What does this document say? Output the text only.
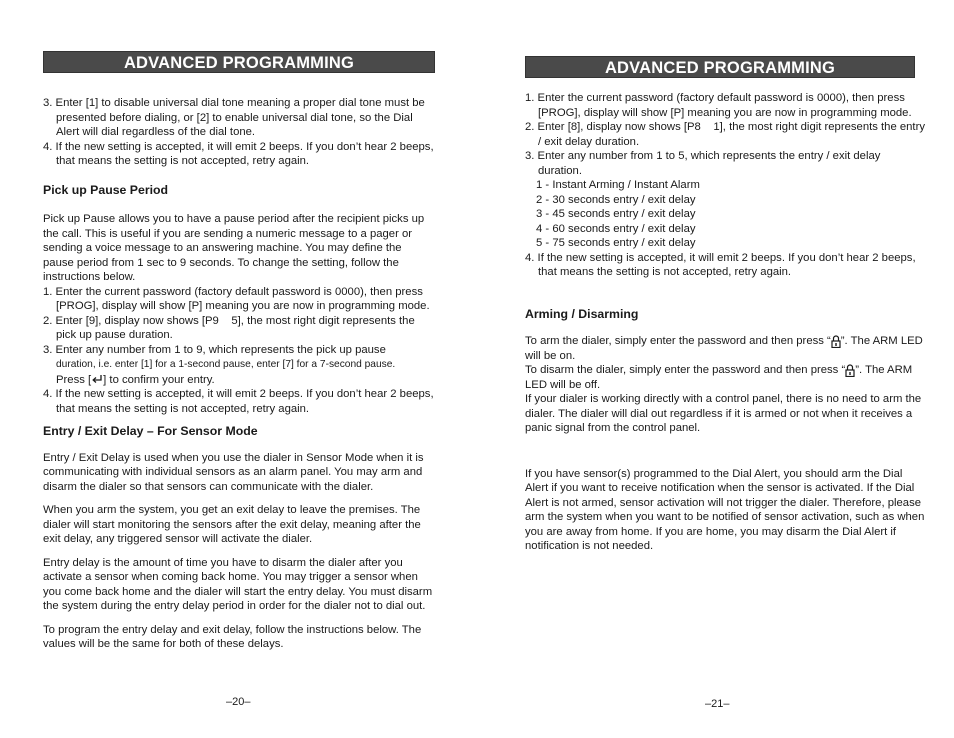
ADVANCED PROGRAMMING

3. Enter [1] to disable universal dial tone meaning a proper dial tone must be presented before dialing, or [2] to enable universal dial tone, so the Dial Alert will dial regardless of the dial tone.

4. If the new setting is accepted, it will emit 2 beeps. If you don’t hear 2 beeps, that means the setting is not accepted, retry again.

Pick up Pause Period

Pick up Pause allows you to have a pause period after the recipient picks up the call. This is useful if you are sending a numeric message to a pager or sending a voice message to an answering machine. You may define the pause period from 1 sec to 9 seconds. To change the setting, follow the instructions below.

1. Enter the current password (factory default password is 0000), then press [PROG], display will show [P] meaning you are now in programming mode.

2. Enter [9], display now shows [P9    5], the most right digit represents the pick up pause duration.

3. Enter any number from 1 to 9, which represents the pick up pause
duration, i.e. enter [1] for a 1-second pause, enter [7] for a 7-second pause.
Press [ ] to confirm your entry.

4. If the new setting is accepted, it will emit 2 beeps. If you don’t hear 2 beeps, that means the setting is not accepted, retry again.

Entry / Exit Delay – For Sensor Mode

Entry / Exit Delay is used when you use the dialer in Sensor Mode when it is communicating with individual sensors as an alarm panel. You may arm and disarm the dialer so that sensors can communicate with the dialer.

When you arm the system, you get an exit delay to leave the premises. The dialer will start monitoring the sensors after the exit delay, meaning after the exit delay, any triggered sensor will activate the dialer.

Entry delay is the amount of time you have to disarm the dialer after you activate a sensor when coming back home. You may trigger a sensor when you come back home and the dialer will start the entry delay. You must disarm the system during the entry delay period in order for the dialer not to dial out.

To program the entry delay and exit delay, follow the instructions below. The values will be the same for both of these delays.

–20–
ADVANCED PROGRAMMING

1. Enter the current password (factory default password is 0000), then press [PROG], display will show [P] meaning you are now in programming mode.

2. Enter [8], display now shows [P8    1], the most right digit represents the entry / exit delay duration.

3. Enter any number from 1 to 5, which represents the entry / exit delay duration.

1 - Instant Arming / Instant Alarm

2 - 30 seconds entry / exit delay

3 - 45 seconds entry / exit delay

4 - 60 seconds entry / exit delay

5 - 75 seconds entry / exit delay

4. If the new setting is accepted, it will emit 2 beeps. If you don’t hear 2 beeps, that means the setting is not accepted, retry again.

Arming / Disarming

To arm the dialer, simply enter the password and then press “ ”. The ARM LED will be on.

To disarm the dialer, simply enter the password and then press “ ”. The ARM LED will be off.

If your dialer is working directly with a control panel, there is no need to arm the dialer. The dialer will dial out regardless if it is armed or not when it receives a panic signal from the control panel.

If you have sensor(s) programmed to the Dial Alert, you should arm the Dial Alert if you want to receive notification when the sensor is activated. If the Dial Alert is not armed, sensor activation will not trigger the dialer. Therefore, please arm the system when you want to be notified of sensor activation, such as when you are away from home. If you are home, you may disarm the Dial Alert if notification is not needed.

–21–
